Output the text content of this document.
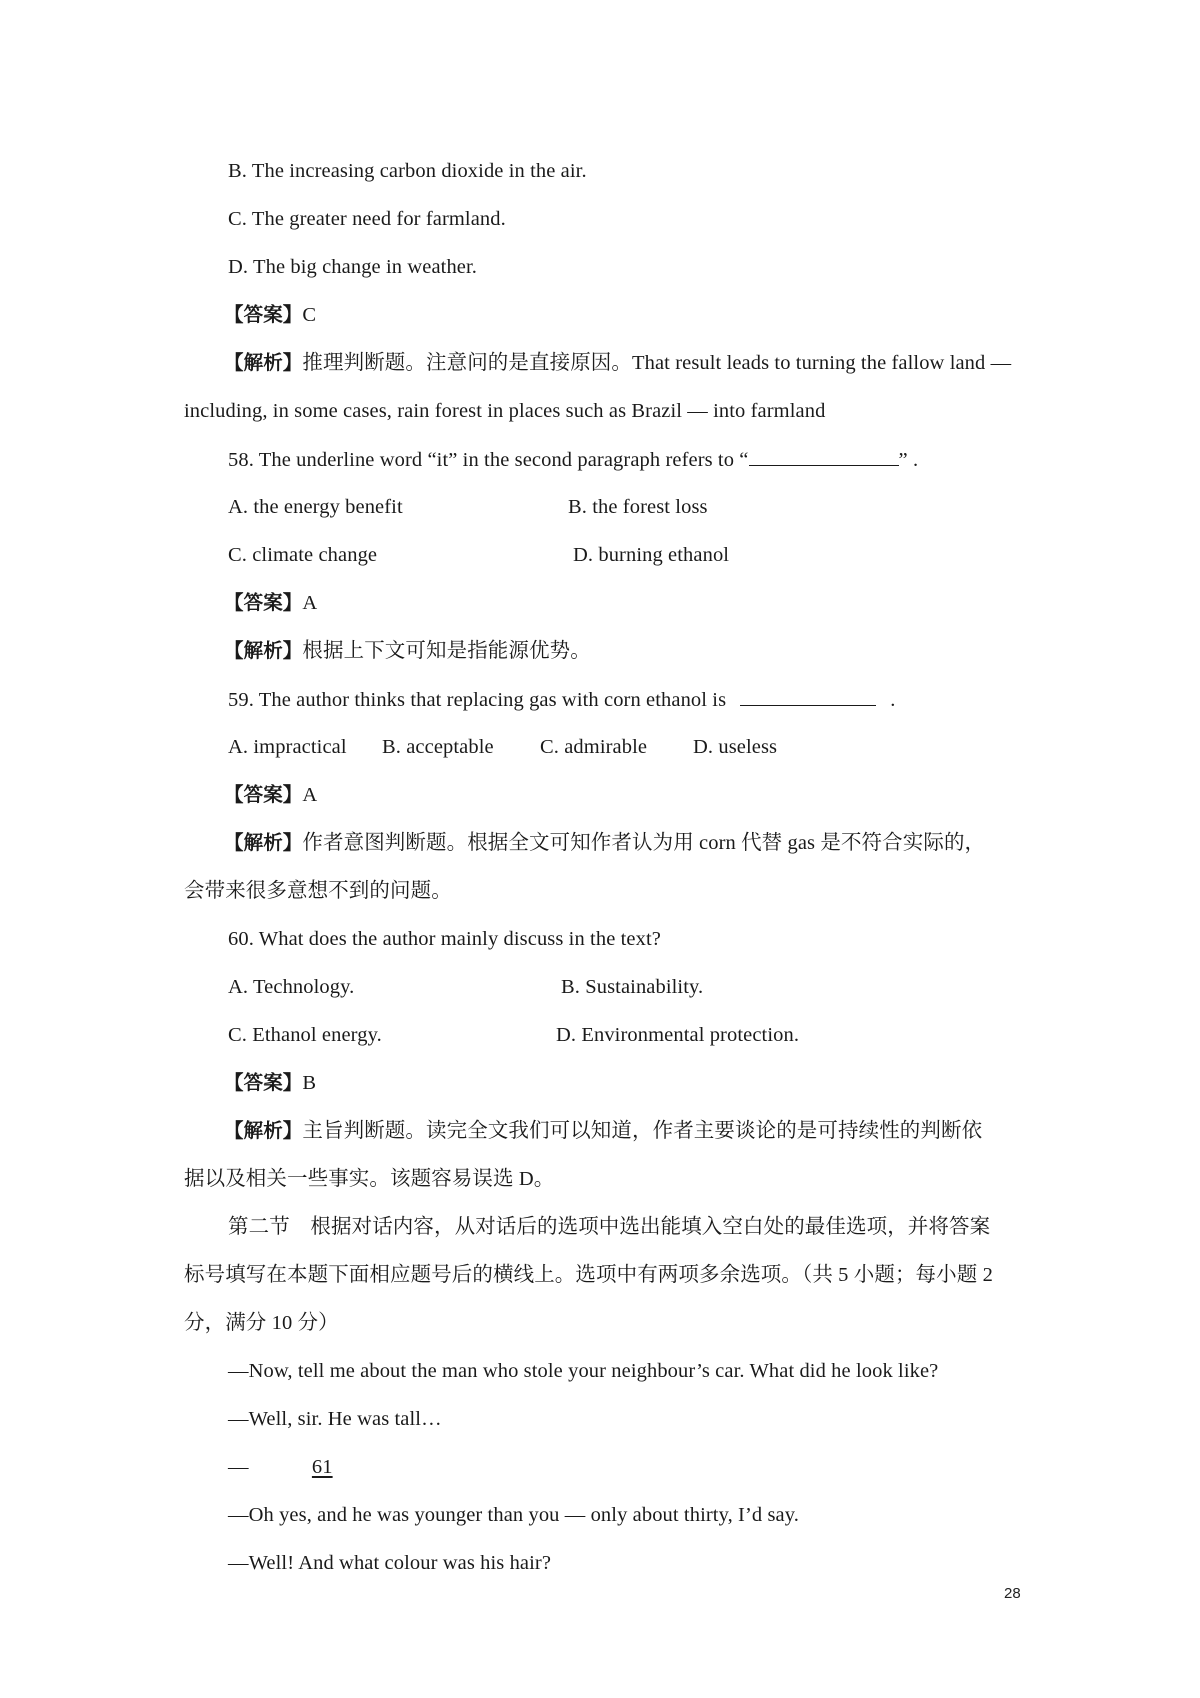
B. The increasing carbon dioxide in the air.
C. The greater need for farmland.
D. The big change in weather.
【答案】C
【解析】推理判断题。注意问的是直接原因。That result leads to turning the fallow land —
including, in some cases, rain forest in places such as Brazil — into farmland
58. The underline word “it” in the second paragraph refers to “	” .
A. the energy benefit	B. the forest loss
C. climate change	D. burning ethanol
【答案】A
【解析】根据上下文可知是指能源优势。
59. The author thinks that replacing gas with corn ethanol is	.
A. impractical B. acceptable C. admirable D. useless
【答案】A
【解析】作者意图判断题。根据全文可知作者认为用 corn 代替 gas 是不符合实际的，
会带来很多意想不到的问题。
60. What does the author mainly discuss in the text?
A. Technology.	B. Sustainability.
C. Ethanol energy.	D. Environmental protection.
【答案】B
【解析】主旨判断题。读完全文我们可以知道，作者主要谈论的是可持续性的判断依
据以及相关一些事实。该题容易误选 D。
第二节　根据对话内容，从对话后的选项中选出能填入空白处的最佳选项，并将答案
标号填写在本题下面相应题号后的横线上。选项中有两项多余选项。（共 5 小题；每小题 2
分，满分 10 分）
—Now, tell me about the man who stole your neighbour’s car. What did he look like?
—Well, sir. He was tall…
—	61
—Oh yes, and he was younger than you — only about thirty, I’d say.
—Well! And what colour was his hair?
28
